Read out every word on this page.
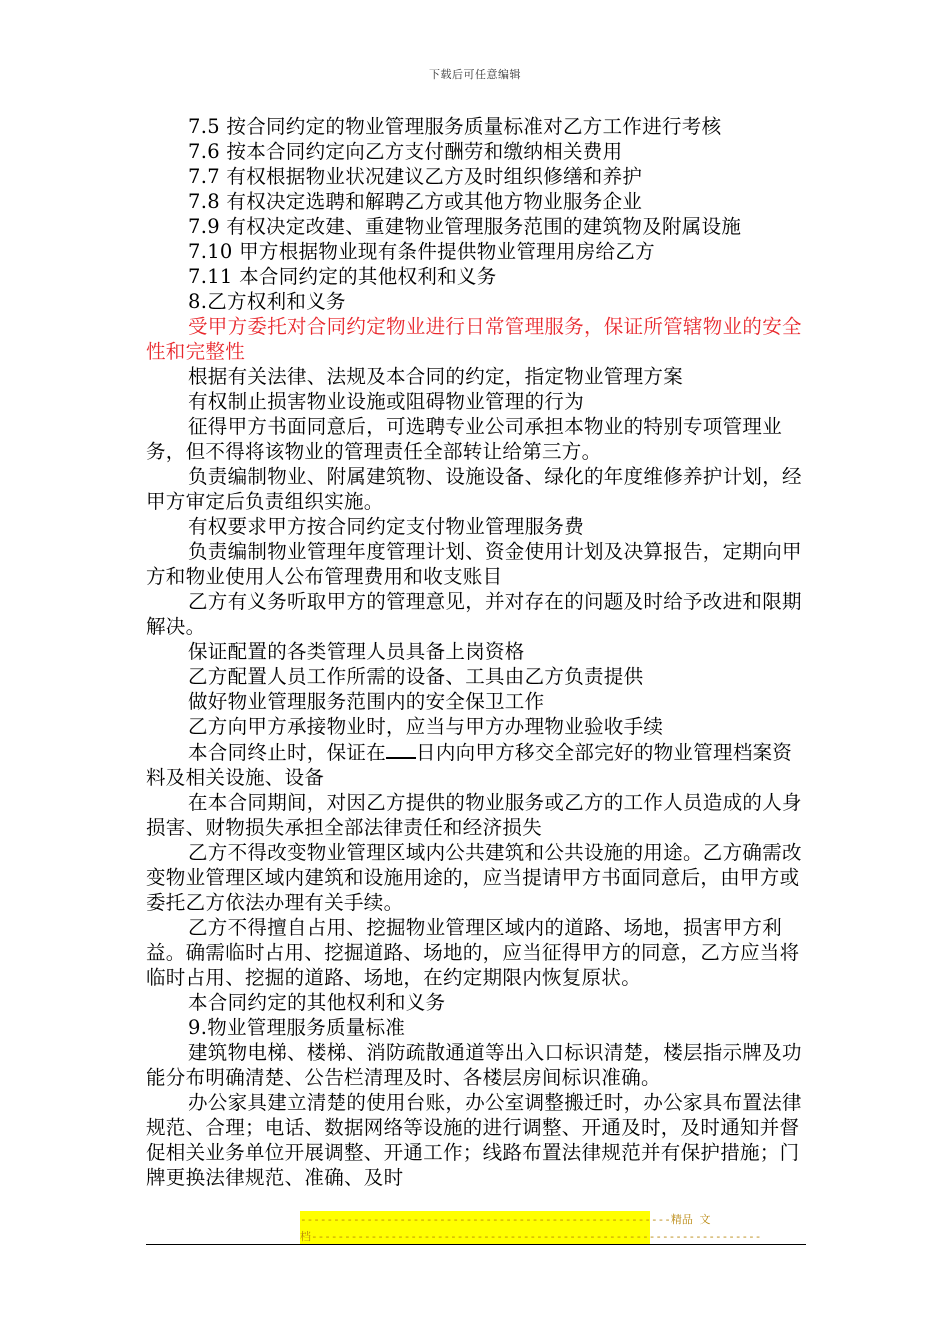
下载后可任意编辑

7.5 按合同约定的物业管理服务质量标准对乙方工作进行考核

7.6 按本合同约定向乙方支付酬劳和缴纳相关费用

7.7 有权根据物业状况建议乙方及时组织修缮和养护

7.8 有权决定选聘和解聘乙方或其他方物业服务企业

7.9 有权决定改建、重建物业管理服务范围的建筑物及附属设施

7.10 甲方根据物业现有条件提供物业管理用房给乙方

7.11 本合同约定的其他权利和义务

8.乙方权利和义务

受甲方委托对合同约定物业进行日常管理服务，保证所管辖物业的安全性和完整性

根据有关法律、法规及本合同的约定，指定物业管理方案

有权制止损害物业设施或阻碍物业管理的行为

征得甲方书面同意后，可选聘专业公司承担本物业的特别专项管理业务，但不得将该物业的管理责任全部转让给第三方。

负责编制物业、附属建筑物、设施设备、绿化的年度维修养护计划，经甲方审定后负责组织实施。

有权要求甲方按合同约定支付物业管理服务费

负责编制物业管理年度管理计划、资金使用计划及决算报告，定期向甲方和物业使用人公布管理费用和收支账目

乙方有义务听取甲方的管理意见，并对存在的问题及时给予改进和限期解决。

保证配置的各类管理人员具备上岗资格

乙方配置人员工作所需的设备、工具由乙方负责提供

做好物业管理服务范围内的安全保卫工作

乙方向甲方承接物业时，应当与甲方办理物业验收手续

本合同终止时，保证在 日内向甲方移交全部完好的物业管理档案资料及相关设施、设备

在本合同期间，对因乙方提供的物业服务或乙方的工作人员造成的人身损害、财物损失承担全部法律责任和经济损失

乙方不得改变物业管理区域内公共建筑和公共设施的用途。乙方确需改变物业管理区域内建筑和设施用途的，应当提请甲方书面同意后，由甲方或委托乙方依法办理有关手续。

乙方不得擅自占用、挖掘物业管理区域内的道路、场地，损害甲方利益。确需临时占用、挖掘道路、场地的，应当征得甲方的同意，乙方应当将临时占用、挖掘的道路、场地，在约定期限内恢复原状。

本合同约定的其他权利和义务

9.物业管理服务质量标准

建筑物电梯、楼梯、消防疏散通道等出入口标识清楚，楼层指示牌及功能分布明确清楚、公告栏清理及时、各楼层房间标识准确。

办公家具建立清楚的使用台账，办公室调整搬迁时，办公家具布置法律规范、合理；电话、数据网络等设施的进行调整、开通及时，及时通知并督促相关业务单位开展调整、开通工作；线路布置法律规范并有保护措施；门牌更换法律规范、准确、及时

--------------------------------------------------------精品 文
档--------------------------------------------------------------------
